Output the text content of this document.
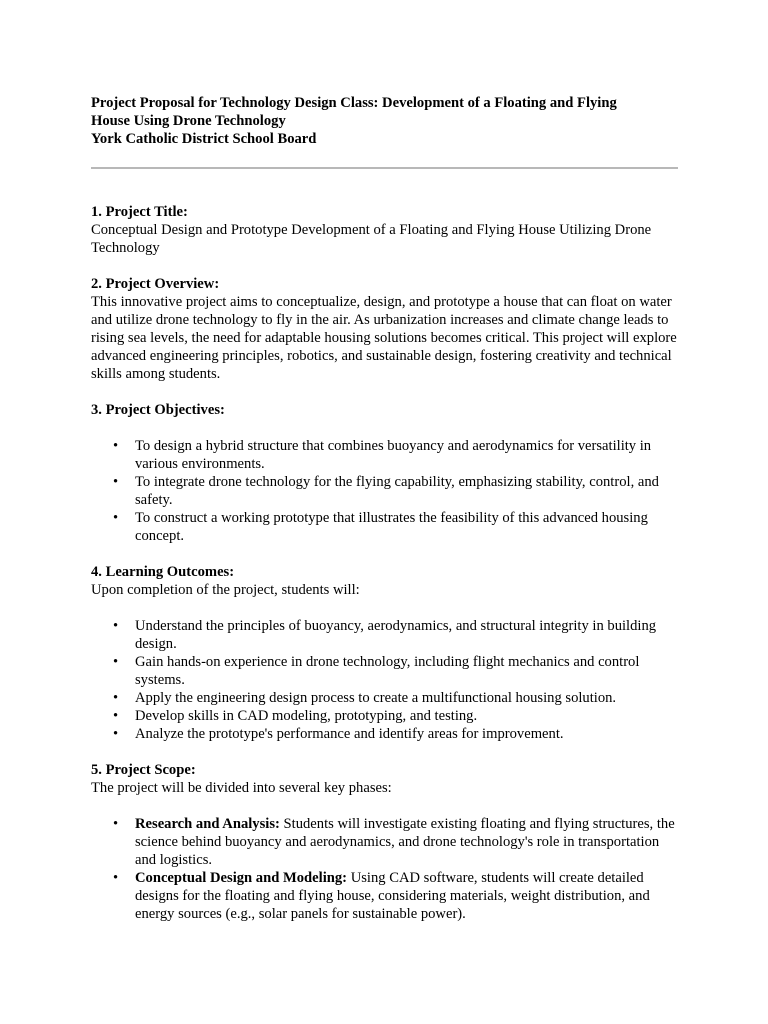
Project Proposal for Technology Design Class: Development of a Floating and Flying
House Using Drone Technology
York Catholic District School Board
1. Project Title:
Conceptual Design and Prototype Development of a Floating and Flying House Utilizing Drone Technology
2. Project Overview:
This innovative project aims to conceptualize, design, and prototype a house that can float on water and utilize drone technology to fly in the air. As urbanization increases and climate change leads to rising sea levels, the need for adaptable housing solutions becomes critical. This project will explore advanced engineering principles, robotics, and sustainable design, fostering creativity and technical skills among students.
3. Project Objectives:
• To design a hybrid structure that combines buoyancy and aerodynamics for versatility in various environments.
• To integrate drone technology for the flying capability, emphasizing stability, control, and safety.
• To construct a working prototype that illustrates the feasibility of this advanced housing concept.
4. Learning Outcomes:
Upon completion of the project, students will:
• Understand the principles of buoyancy, aerodynamics, and structural integrity in building design.
• Gain hands-on experience in drone technology, including flight mechanics and control systems.
• Apply the engineering design process to create a multifunctional housing solution.
• Develop skills in CAD modeling, prototyping, and testing.
• Analyze the prototype's performance and identify areas for improvement.
5. Project Scope:
The project will be divided into several key phases:
• Research and Analysis: Students will investigate existing floating and flying structures, the science behind buoyancy and aerodynamics, and drone technology's role in transportation and logistics.
• Conceptual Design and Modeling: Using CAD software, students will create detailed designs for the floating and flying house, considering materials, weight distribution, and energy sources (e.g., solar panels for sustainable power).
